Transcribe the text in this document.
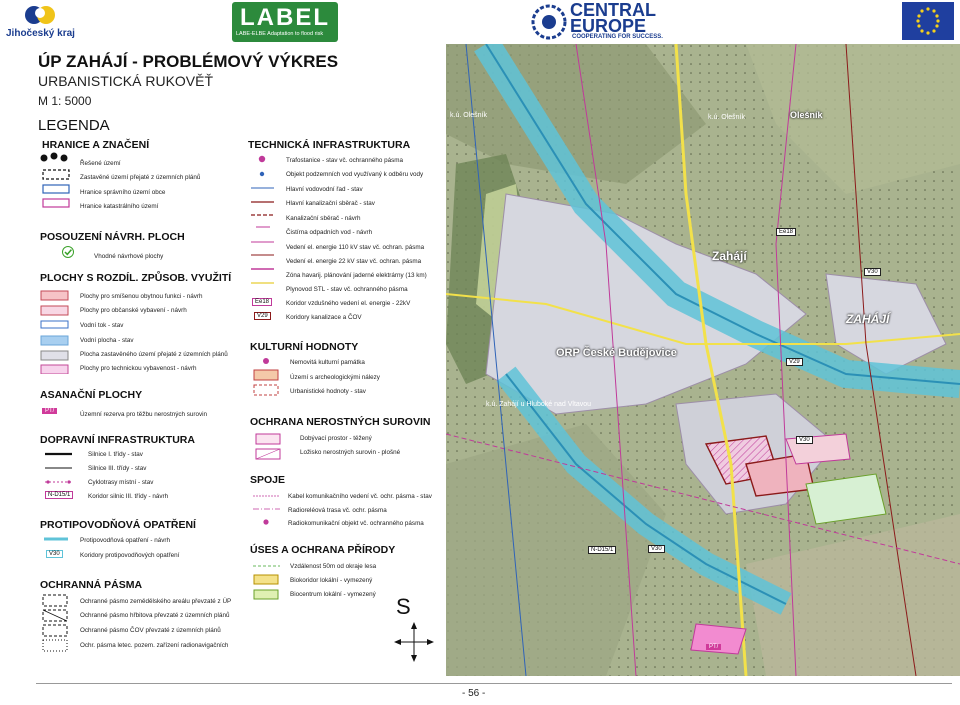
Jihočeský kraj
LABEL
LABE-ELBE Adaptation to flood risk
CENTRAL
EUROPE
COOPERATING FOR SUCCESS.
ÚP ZAHÁJÍ - PROBLÉMOVÝ VÝKRES
URBANISTICKÁ RUKOVĚŤ
M 1: 5000
LEGENDA
HRANICE A ZNAČENÍ
Řešené území
Zastavěné území přejaté z územních plánů
Hranice správního území obce
Hranice katastrálního území
POSOUZENÍ NÁVRH. PLOCH
Vhodné návrhové plochy
PLOCHY S ROZDÍL. ZPŮSOB. VYUŽITÍ
Plochy pro smíšenou obytnou funkci - návrh
Plochy pro občanské vybavení - návrh
Vodní tok - stav
Vodní plocha - stav
Plocha zastavěného území přejaté z územních plánů
Plochy pro technickou vybavenost - návrh
ASANAČNÍ PLOCHY
PT/	Územní rezerva pro těžbu nerostných surovin
DOPRAVNÍ INFRASTRUKTURA
N-D15/1
Silnice I. třídy - stav
Silnice III. třídy - stav
Cyklotrasy místní - stav
Koridor silnic III. třídy - návrh
PROTIPOVODŇOVÁ OPATŘENÍ
V30
Protipovodňová opatření - návrh
Koridory protipovodňových opatření
OCHRANNÁ PÁSMA
Ochranné pásmo zemědělského areálu převzaté z ÚP
Ochranné pásmo hřbitova převzaté z územních plánů
Ochranné pásmo ČOV převzaté z územních plánů
Ochr. pásma letec. pozem. zařízení radionavigačních
TECHNICKÁ INFRASTRUKTURA
Ee18
V29
Trafostanice - stav vč. ochranného pásma
Objekt podzemních vod využívaný k odběru vody
Hlavní vodovodní řad - stav
Hlavní kanalizační sběrač - stav
Kanalizační sběrač - návrh
Čistírna odpadních vod - návrh
Vedení el. energie 110 kV stav vč. ochran. pásma
Vedení el. energie 22 kV stav vč. ochran. pásma
Zóna havarij. plánování jaderné elektrárny (13 km)
Plynovod STL - stav vč. ochranného pásma
Koridor vzdušného vedení el. energie - 22kV
Koridory kanalizace a ČOV
KULTURNÍ HODNOTY
Nemovitá kulturní památka
Území s archeologickými nálezy
Urbanistické hodnoty - stav
OCHRANA NEROSTNÝCH SUROVIN
Dobývací prostor - těžený
Ložisko nerostných surovin - plošné
SPOJE
Kabel komunikačního vedení vč. ochr. pásma - stav
Radioreléová trasa vč. ochr. pásma
Radiokomunikační objekt vč. ochranného pásma
ÚSES A OCHRANA PŘÍRODY
Vzdálenost 50m od okraje lesa
Biokoridor lokální - vymezený
Biocentrum lokální - vymezený
Zahájí
ZAHÁJÍ
Olešník
ORP České Budějovice
k.ú. Olešník	k.ú. Olešník
k.ú. Zahájí u Hluboké nad Vltavou
Ee18
V30
V29
V30
V30
N-D15/1
PT/
S
- 56 -
